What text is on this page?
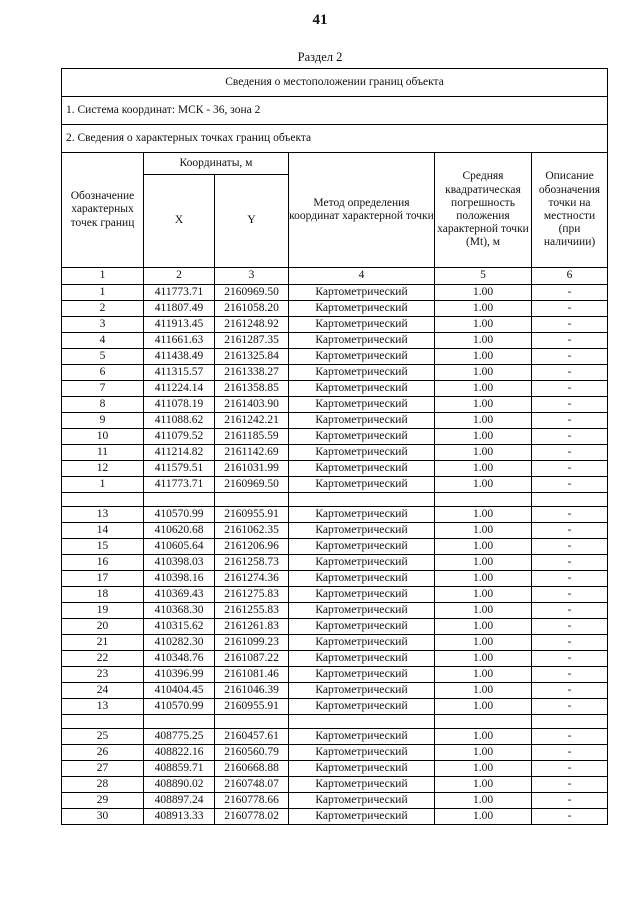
41
Раздел 2
Сведения о местоположении границ объекта					
1. Система координат: МСК - 36, зона 2					
2. Сведения о характерных точках границ объекта					
Обозначение характерных точек границ	Координаты, м		Метод определения координат характерной точки	Средняя квадратическая погрешность положения характерной точки (Mt), м	Описание обозначения точки на местности (при наличиии)
	X	Y			
1	2	3	4	5	6
1	411773.71	2160969.50	Картометрический	1.00	-
2	411807.49	2161058.20	Картометрический	1.00	-
3	411913.45	2161248.92	Картометрический	1.00	-
4	411661.63	2161287.35	Картометрический	1.00	-
5	411438.49	2161325.84	Картометрический	1.00	-
6	411315.57	2161338.27	Картометрический	1.00	-
7	411224.14	2161358.85	Картометрический	1.00	-
8	411078.19	2161403.90	Картометрический	1.00	-
9	411088.62	2161242.21	Картометрический	1.00	-
10	411079.52	2161185.59	Картометрический	1.00	-
11	411214.82	2161142.69	Картометрический	1.00	-
12	411579.51	2161031.99	Картометрический	1.00	-
1	411773.71	2160969.50	Картометрический	1.00	-

13	410570.99	2160955.91	Картометрический	1.00	-
14	410620.68	2161062.35	Картометрический	1.00	-
15	410605.64	2161206.96	Картометрический	1.00	-
16	410398.03	2161258.73	Картометрический	1.00	-
17	410398.16	2161274.36	Картометрический	1.00	-
18	410369.43	2161275.83	Картометрический	1.00	-
19	410368.30	2161255.83	Картометрический	1.00	-
20	410315.62	2161261.83	Картометрический	1.00	-
21	410282.30	2161099.23	Картометрический	1.00	-
22	410348.76	2161087.22	Картометрический	1.00	-
23	410396.99	2161081.46	Картометрический	1.00	-
24	410404.45	2161046.39	Картометрический	1.00	-
13	410570.99	2160955.91	Картометрический	1.00	-

25	408775.25	2160457.61	Картометрический	1.00	-
26	408822.16	2160560.79	Картометрический	1.00	-
27	408859.71	2160668.88	Картометрический	1.00	-
28	408890.02	2160748.07	Картометрический	1.00	-
29	408897.24	2160778.66	Картометрический	1.00	-
30	408913.33	2160778.02	Картометрический	1.00	-
